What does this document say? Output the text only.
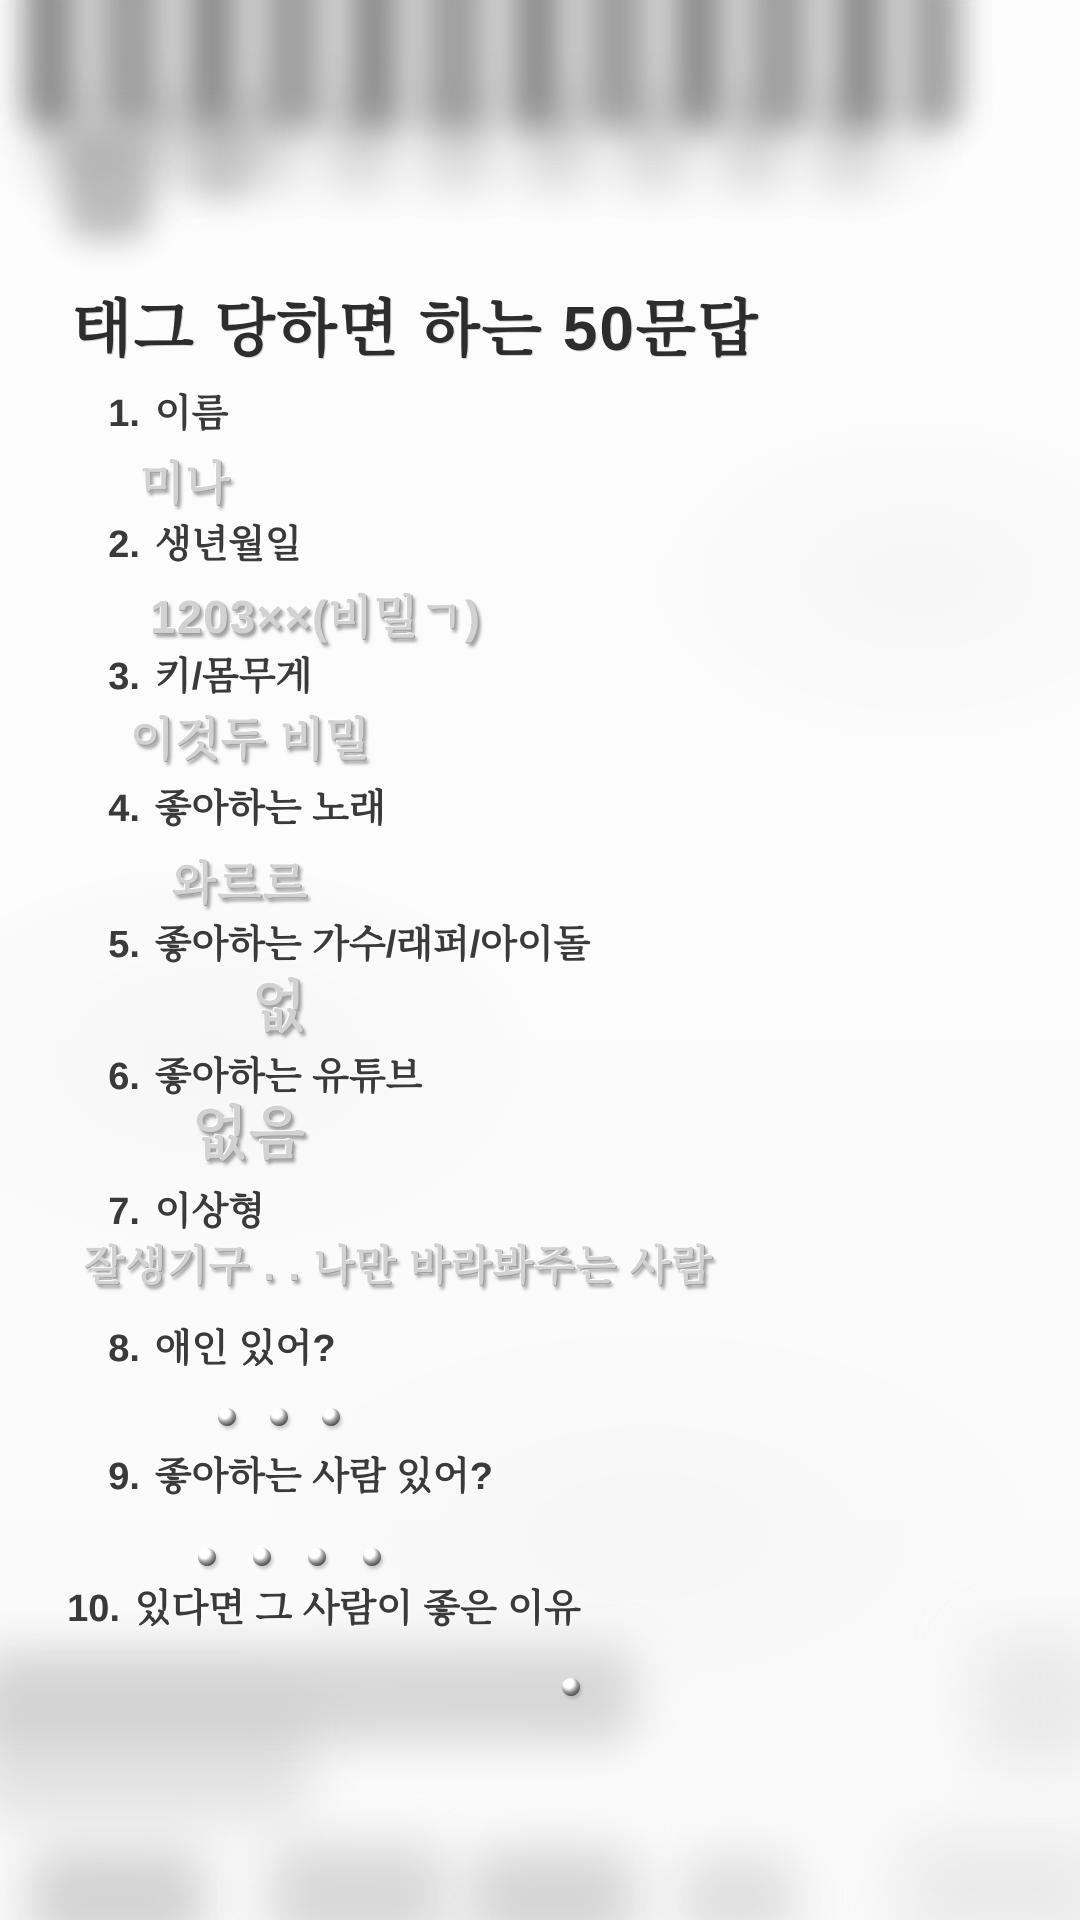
태그 당하면 하는 50문답
1. 이름
미나
2. 생년월일
1203××(비밀ㄱ)
3. 키/몸무게
이것두 비밀
4. 좋아하는 노래
와르르
5. 좋아하는 가수/래퍼/아이돌
없
6. 좋아하는 유튜브
없음
7. 이상형
잘생기구 . . 나만 바라봐주는 사람
8. 애인 있어?
9. 좋아하는 사람 있어?
10. 있다면 그 사람이 좋은 이유
